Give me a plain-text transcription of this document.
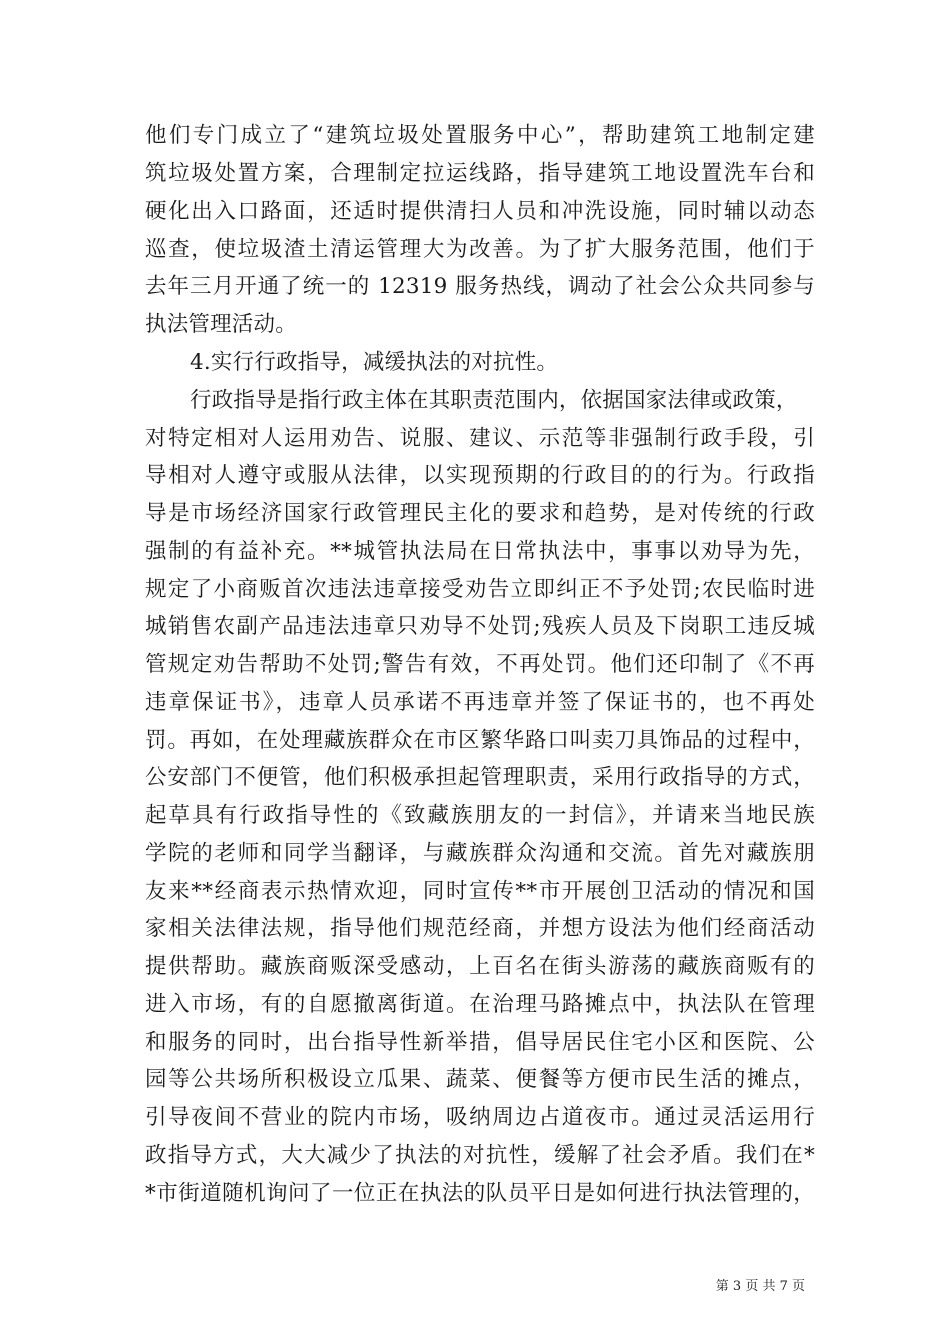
他们专门成立了“建筑垃圾处置服务中心”，帮助建筑工地制定建
筑垃圾处置方案，合理制定拉运线路，指导建筑工地设置洗车台和
硬化出入口路面，还适时提供清扫人员和冲洗设施，同时辅以动态
巡查，使垃圾渣土清运管理大为改善。为了扩大服务范围，他们于
去年三月开通了统一的 12319 服务热线，调动了社会公众共同参与
执法管理活动。
4.实行行政指导，减缓执法的对抗性。
行政指导是指行政主体在其职责范围内，依据国家法律或政策，
对特定相对人运用劝告、说服、建议、示范等非强制行政手段，引
导相对人遵守或服从法律，以实现预期的行政目的的行为。行政指
导是市场经济国家行政管理民主化的要求和趋势，是对传统的行政
强制的有益补充。**城管执法局在日常执法中，事事以劝导为先，
规定了小商贩首次违法违章接受劝告立即纠正不予处罚;农民临时进
城销售农副产品违法违章只劝导不处罚;残疾人员及下岗职工违反城
管规定劝告帮助不处罚;警告有效，不再处罚。他们还印制了《不再
违章保证书》，违章人员承诺不再违章并签了保证书的，也不再处
罚。再如，在处理藏族群众在市区繁华路口叫卖刀具饰品的过程中，
公安部门不便管，他们积极承担起管理职责，采用行政指导的方式，
起草具有行政指导性的《致藏族朋友的一封信》，并请来当地民族
学院的老师和同学当翻译，与藏族群众沟通和交流。首先对藏族朋
友来**经商表示热情欢迎，同时宣传**市开展创卫活动的情况和国
家相关法律法规，指导他们规范经商，并想方设法为他们经商活动
提供帮助。藏族商贩深受感动，上百名在街头游荡的藏族商贩有的
进入市场，有的自愿撤离街道。在治理马路摊点中，执法队在管理
和服务的同时，出台指导性新举措，倡导居民住宅小区和医院、公
园等公共场所积极设立瓜果、蔬菜、便餐等方便市民生活的摊点，
引导夜间不营业的院内市场，吸纳周边占道夜市。通过灵活运用行
政指导方式，大大减少了执法的对抗性，缓解了社会矛盾。我们在*
*市街道随机询问了一位正在执法的队员平日是如何进行执法管理的，
第 3 页 共 7 页
